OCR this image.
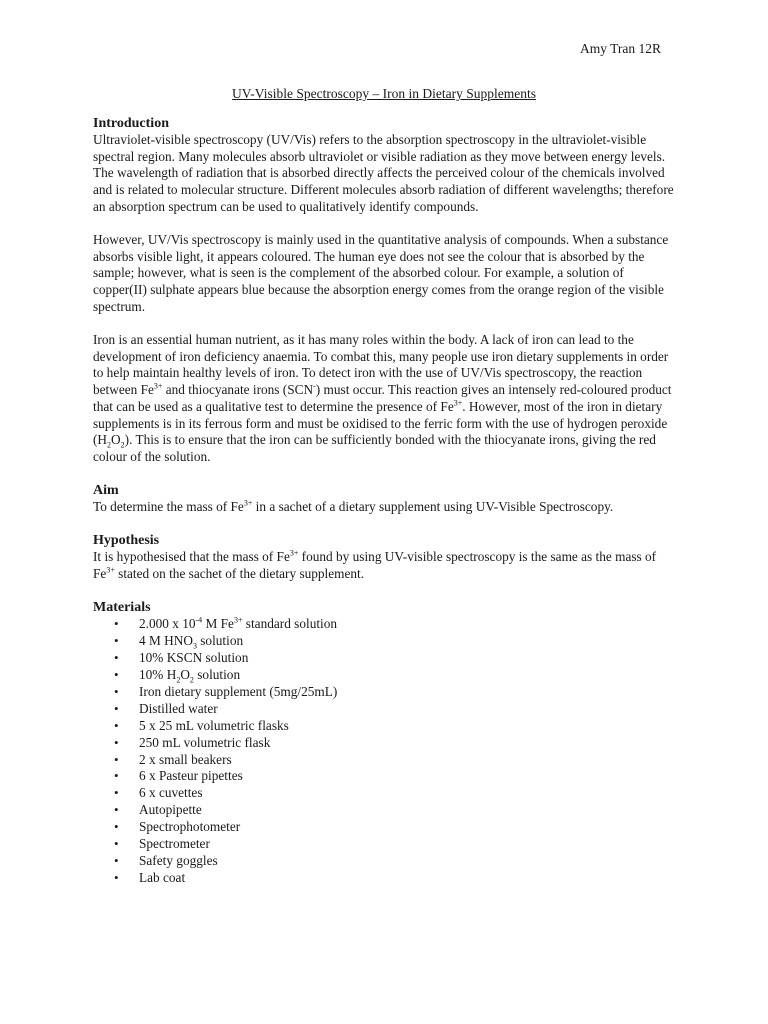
Amy Tran 12R
UV-Visible Spectroscopy – Iron in Dietary Supplements
Introduction

Ultraviolet-visible spectroscopy (UV/Vis) refers to the absorption spectroscopy in the ultraviolet-visible spectral region. Many molecules absorb ultraviolet or visible radiation as they move between energy levels. The wavelength of radiation that is absorbed directly affects the perceived colour of the chemicals involved and is related to molecular structure. Different molecules absorb radiation of different wavelengths; therefore an absorption spectrum can be used to qualitatively identify compounds.

However, UV/Vis spectroscopy is mainly used in the quantitative analysis of compounds. When a substance absorbs visible light, it appears coloured. The human eye does not see the colour that is absorbed by the sample; however, what is seen is the complement of the absorbed colour. For example, a solution of copper(II) sulphate appears blue because the absorption energy comes from the orange region of the visible spectrum.

Iron is an essential human nutrient, as it has many roles within the body. A lack of iron can lead to the development of iron deficiency anaemia. To combat this, many people use iron dietary supplements in order to help maintain healthy levels of iron. To detect iron with the use of UV/Vis spectroscopy, the reaction between $Fe^{3+}$ and thiocyanate irons (SCN-) must occur. This reaction gives an intensely red-coloured product that can be used as a qualitative test to determine the presence of $Fe^{3+}$. However, most of the iron in dietary supplements is in its ferrous form and must be oxidised to the ferric form with the use of hydrogen peroxide $(H_2O_2)$. This is to ensure that the iron can be sufficiently bonded with the thiocyanate irons, giving the red colour of the solution.

Aim

To determine the mass of $Fe^{3+}$ in a sachet of a dietary supplement using UV-Visible Spectroscopy.

Hypothesis

It is hypothesised that the mass of $Fe^{3+}$ found by using UV-visible spectroscopy is the same as the mass of $Fe^{3+}$ stated on the sachet of the dietary supplement.

Materials
• 2.000 x $10^{-4}$ M $Fe^{3+}$ standard solution
• 4 M $HNO_3$ solution
• 10% KSCN solution
• 10% $H_2O_2$ solution
• Iron dietary supplement (5mg/25mL)
• Distilled water
• 5 x 25 mL volumetric flasks
• 250 mL volumetric flask
• 2 x small beakers
• 6 x Pasteur pipettes
• 6 x cuvettes
• Autopipette
• Spectrophotometer
• Spectrometer
• Safety goggles
• Lab coat
